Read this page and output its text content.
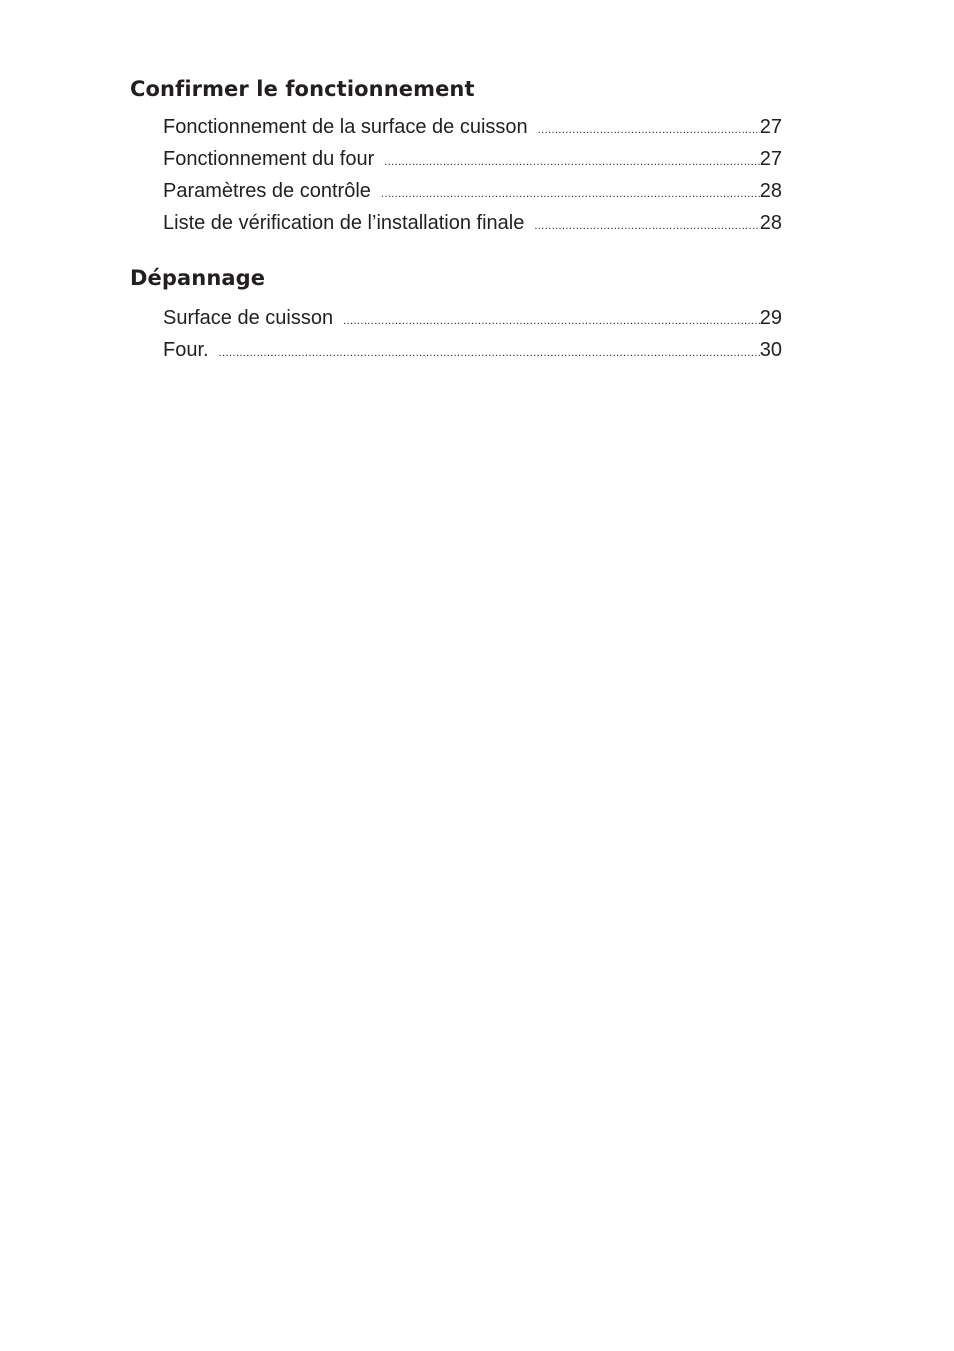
Confirmer le fonctionnement
Fonctionnement de la surface de cuisson .....	27
Fonctionnement du four .....	27
Paramètres de contrôle .....	28
Liste de vérification de l’installation finale .....	28
Dépannage
Surface de cuisson .....	29
Four. .....	30
